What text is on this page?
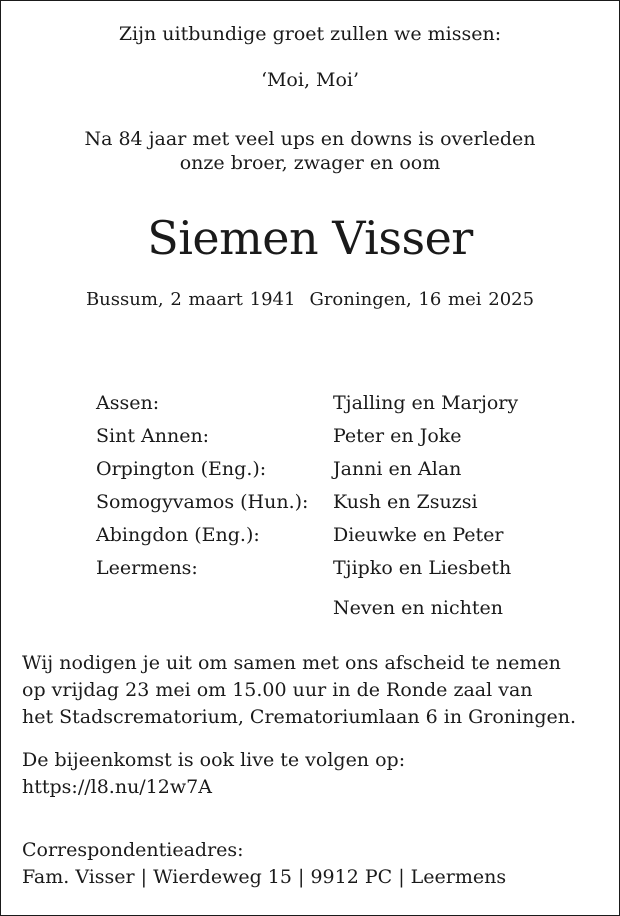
Zijn uitbundige groet zullen we missen:
‘Moi, Moi’
Na 84 jaar met veel ups en downs is overleden
onze broer, zwager en oom
Siemen Visser
Bussum, 2 maart 1941 Groningen, 16 mei 2025
Assen:	Tjalling en Marjory
Sint Annen:	Peter en Joke
Orpington (Eng.):	Janni en Alan
Somogyvamos (Hun.): Kush en Zsuzsi
Abingdon (Eng.):	Dieuwke en Peter
Leermens:	Tjipko en Liesbeth
Neven en nichten
Wij nodigen je uit om samen met ons afscheid te nemen
op vrijdag 23 mei om 15.00 uur in de Ronde zaal van
het Stadscrematorium, Crematoriumlaan 6 in Groningen.
De bijeenkomst is ook live te volgen op:
https://l8.nu/12w7A
Correspondentieadres:
Fam. Visser | Wierdeweg 15 | 9912 PC | Leermens
